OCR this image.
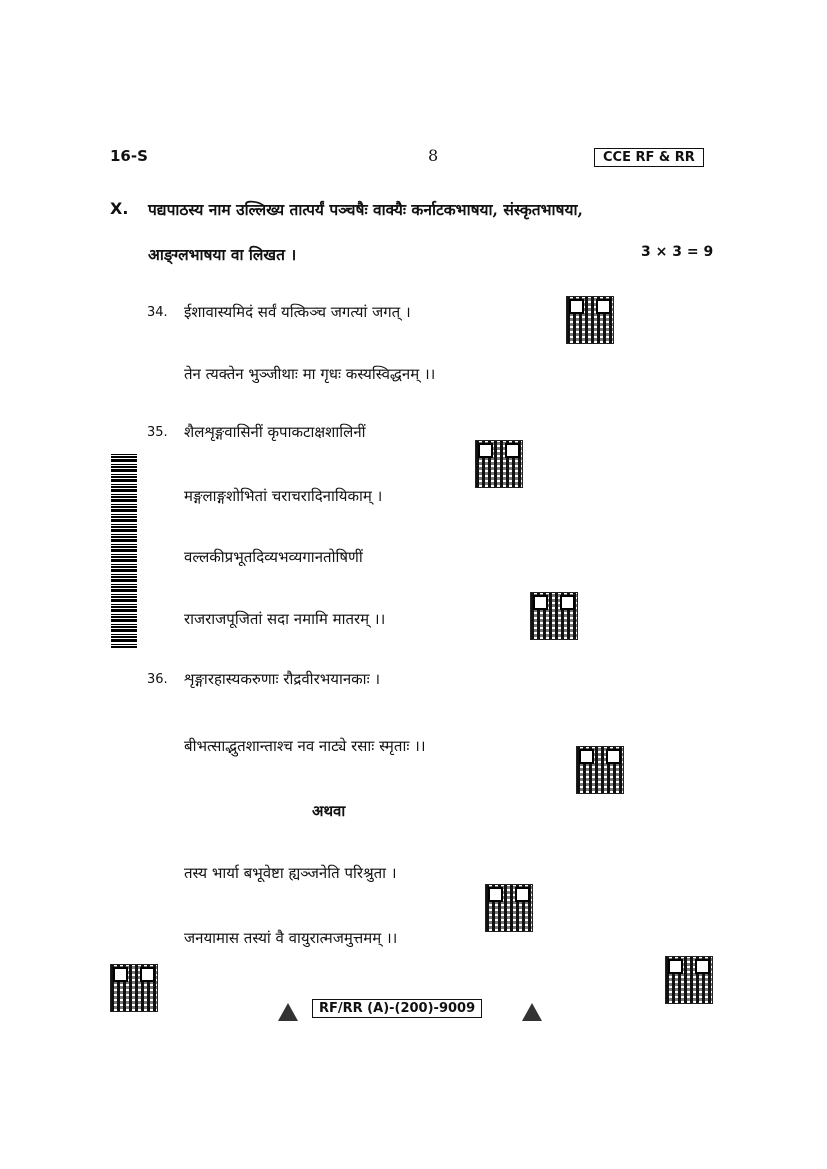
16-S	8	CCE RF & RR
X. पद्यपाठस्य नाम उल्लिख्य तात्पर्यं पञ्चषैः वाक्यैः कर्नाटकभाषया, संस्कृतभाषया,
आङ्ग्लभाषया वा लिखत ।	3 × 3 = 9
34. ईशावास्यमिदं सर्वं यत्किञ्च जगत्यां जगत् ।
तेन त्यक्तेन भुञ्जीथाः मा गृधः कस्यस्विद्धनम् ।।
35. शैलशृङ्गवासिनीं कृपाकटाक्षशालिनीं
मङ्गलाङ्गशोभितां चराचरादिनायिकाम् ।
वल्लकीप्रभूतदिव्यभव्यगानतोषिणीं
राजराजपूजितां सदा नमामि मातरम् ।।
36. शृङ्गारहास्यकरुणाः रौद्रवीरभयानकाः ।
बीभत्साद्भुतशान्ताश्च नव नाट्ये रसाः स्मृताः ।।
अथवा
तस्य भार्या बभूवेष्टा ह्यञ्जनेति परिश्रुता ।
जनयामास तस्यां वै वायुरात्मजमुत्तमम् ।।
RF/RR (A)-(200)-9009
